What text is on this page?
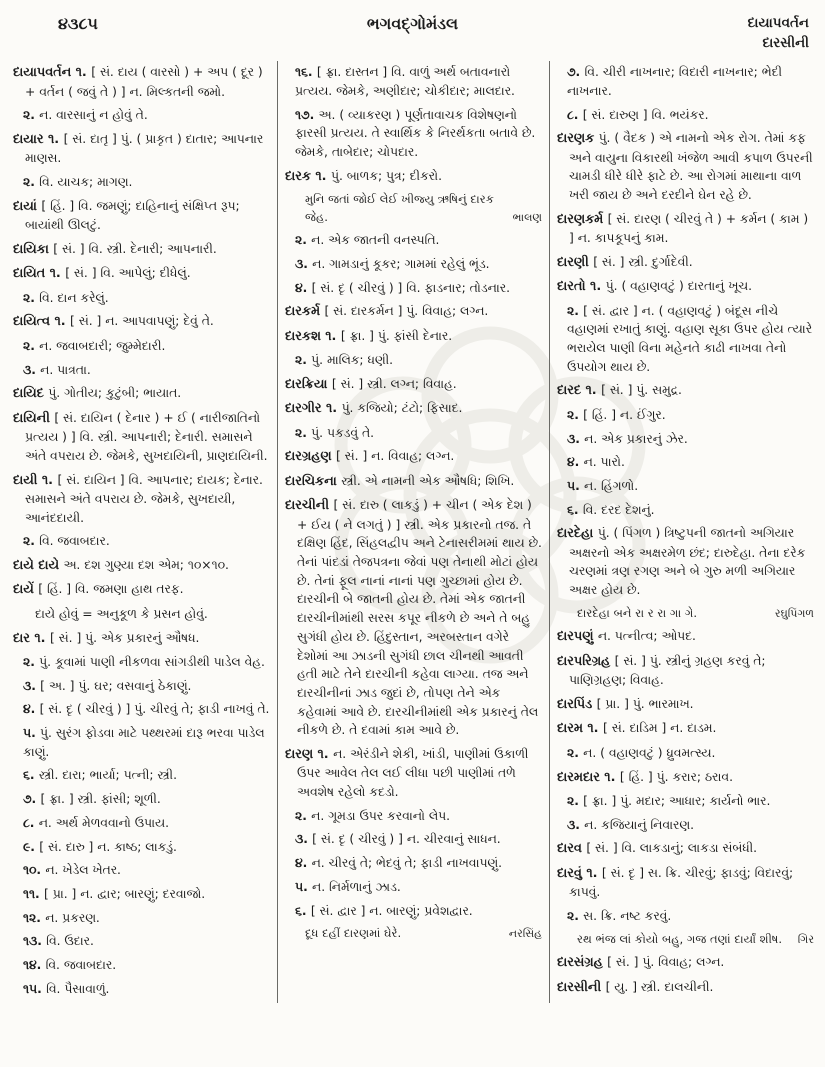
૪૩૮૫	ભગવદ્ગોમંડલ	દાયાપવર્તન
દારસીની

દાયાપવર્તન ૧. [ સં. દાય ( વારસો ) + અપ ( દૂર ) + વર્તન ( જવું તે ) ] ન. મિલ્કતની જમો.

૨. ન. વારસાનું ન હોવું તે.

દાયાર ૧. [ સં. દાતૃ ] પું. ( પ્રાકૃત ) દાતાર; આપનાર માણસ.

૨. વિ. યાચક; માગણ.

દાયાં [ હિં. ] વિ. જમણું; દાહિનાનું સંક્ષિપ્ત રૂપ; બાયાંથી ઊલટું.

દાયિકા [ સં. ] વિ. સ્ત્રી. દેનારી; આપનારી.

દાયિત ૧. [ સં. ] વિ. આપેલું; દીધેલું.

૨. વિ. દાન કરેલું.

દાયિત્વ ૧. [ સં. ] ન. આપવાપણું; દેવું તે.

૨. ન. જવાબદારી; જુમ્મેદારી.

૩. ન. પાત્રતા.

દાયિદ પું. ગોતીય; કુટુંબી; ભાયાત.

દાયિની [ સં. દાયિન ( દેનાર ) + ઈ ( નારીજાતિનો પ્રત્યય ) ] વિ. સ્ત્રી. આપનારી; દેનારી. સમાસને અંતે વપરાય છે. જેમકે, સુખદાયિની, પ્રાણદાયિની.

દાયી ૧. [ સં. દાયિન ] વિ. આપનાર; દાયક; દેનાર. સમાસને અંતે વપરાય છે. જેમકે, સુખદાયી, આનંદદાયી.

૨. વિ. જવાબદાર.

દાયે દાયે અ. દશ ગુણ્યા દશ એમ; ૧૦×૧૦.

દાયેં [ હિં. ] વિ. જમણા હાથ તરફ.

દાયે હોવું = અનુકૂળ કે પ્રસન હોવું.

દાર ૧. [ સં. ] પું. એક પ્રકારનું ઔષધ.

૨. પું. કૂવામાં પાણી નીકળવા સાંગડીથી પાડેલ વેહ.

૩. [ અ. ] પું. ઘર; વસવાનું ઠેકાણું.

૪. [ સં. દૃ ( ચીરવું ) ] પું. ચીરવું તે; ફાડી નાખવું તે.

૫. પું. સુરંગ ફોડવા માટે પથ્થરમાં દારૂ ભરવા પાડેલ કાણું.

૬. સ્ત્રી. દારા; ભાર્યા; પત્ની; સ્ત્રી.

૭. [ ફ્રા. ] સ્ત્રી. ફાંસી; શૂળી.

૮. ન. અર્થ મેળવવાનો ઉપાય.

૯. [ સં. દારુ ] ન. કાષ્ઠ; લાકડું.

૧૦. ન. ખેડેલ ખેતર.

૧૧. [ પ્રા. ] ન. દ્વાર; બારણું; દરવાજો.

૧૨. ન. પ્રકરણ.

૧૩. વિ. ઉદાર.

૧૪. વિ. જવાબદાર.

૧૫. વિ. પૈસાવાળું.

૧૬. [ ફ્રા. દાસ્તન ] વિ. વાળું અર્થ બતાવનારો પ્રત્યય. જેમકે, અણીદાર; ચોકીદાર; માલદાર.

૧૭. અ. ( વ્યાકરણ ) પૂર્ણતાવાચક વિશેષણનો ફારસી પ્રત્યય. તે સ્વાર્થિક કે નિરર્થકતા બતાવે છે. જેમકે, તાબેદાર; ચોપદાર.

દારક ૧. પું. બાળક; પુત્ર; દીકરો.

મુનિ જતાં જોઈ લેઈ ખીજ્યુ ઋષિનું દારક જેહ.	ભાલણ

૨. ન. એક જાતની વનસ્પતિ.

૩. ન. ગામડાનું કૂકર; ગામમાં રહેલું ભૂંડ.

૪. [ સં. દૃ ( ચીરવું ) ] વિ. ફાડનાર; તોડનાર.

દારકર્મ [ સં. દારકર્મન ] પું. વિવાહ; લગ્ન.

દારકશ ૧. [ ફ્રા. ] પું. ફાંસી દેનાર.

૨. પું. માલિક; ધણી.

દારક્રિયા [ સં. ] સ્ત્રી. લગ્ન; વિવાહ.

દારગીર ૧. પું. કજિયો; ટંટો; ફિસાદ.

૨. પું. પકડવું તે.

દારગ્રહણ [ સં. ] ન. વિવાહ; લગ્ન.

દારચિકના સ્ત્રી. એ નામની એક ઔષધિ; શિખિ.

દારચીની [ સં. દારુ ( લાકડું ) + ચીન ( એક દેશ ) + ઈય ( ને લગતું ) ] સ્ત્રી. એક પ્રકારનો તજ. તે દક્ષિણ હિંદ, સિંહલદ્વીપ અને ટેનાસરીમમાં થાય છે. તેનાં પાંદડાં તેજપત્રના જેવાં પણ તેનાથી મોટાં હોય છે. તેનાં ફૂલ નાનાં નાનાં પણ ગુચ્છામાં હોય છે. દારચીની બે જાતની હોય છે. તેમાં એક જાતની દારચીનીમાંથી સરસ કપૂર નીકળે છે અને તે બહુ સુગંધી હોય છે. હિંદુસ્તાન, અરબસ્તાન વગેરે દેશોમાં આ ઝાડની સુગંધી છાલ ચીનથી આવતી હતી માટે તેને દારચીની કહેવા લાગ્યા. તજ અને દારચીનીનાં ઝાડ જુદાં છે, તોપણ તેને એક કહેવામાં આવે છે. દારચીનીમાંથી એક પ્રકારનું તેલ નીકળે છે. તે દવામાં કામ આવે છે.

દારણ ૧. ન. એરંડીને શેકી, ખાંડી, પાણીમાં ઉકાળી ઉપર આવેલ તેલ લઈ લીધા પછી પાણીમાં તળે અવશેષ રહેલો કદડો.

૨. ન. ગૂમડા ઉપર કરવાનો લેપ.

૩. [ સં. દૃ ( ચીરવું ) ] ન. ચીરવાનું સાધન.

૪. ન. ચીરવું તે; ભેદવું તે; ફાડી નાખવાપણું.

૫. ન. નિર્મળાનું ઝાડ.

૬. [ સં. દ્વાર ] ન. બારણું; પ્રવેશદ્વાર.

દૂધ દહીં દારણમાં ઘેરે.	નરસિંહ

૭. વિ. ચીરી નાખનાર; વિદારી નાખનાર; ભેદી નાખનાર.

૮. [ સં. દારુણ ] વિ. ભયંકર.

દારણક પું. ( વૈદક ) એ નામનો એક રોગ. તેમાં કફ અને વાયુના વિકારથી ખંજેળ આવી કપાળ ઉપરની ચામડી ધીરે ધીરે ફાટે છે. આ રોગમાં માથાના વાળ ખરી જાય છે અને દરદીને ઘેન રહે છે.

દારણકર્મ [ સં. દારણ ( ચીરવું તે ) + કર્મન ( કામ ) ] ન. કાપકૂપનું કામ.

દારણી [ સં. ] સ્ત્રી. દુર્ગાદેવી.

દારતો ૧. પું. ( વહાણવટું ) દારતાનું ખૂચ.

૨. [ સં. દ્વાર ] ન. ( વહાણવટું ) બંદૂસ નીચે વહાણમાં રખાતું કાણું. વહાણ સૂકા ઉપર હોય ત્યારે ભરાયેલ પાણી વિના મહેનતે કાઢી નાખવા તેનો ઉપયોગ થાય છે.

દારદ ૧. [ સં. ] પું. સમુદ્ર.

૨. [ હિં. ] ન. ઈંગુર.

૩. ન. એક પ્રકારનું ઝેર.

૪. ન. પારો.

૫. ન. હિંગળો.

૬. વિ. દરદ દેશનું.

દારદેહા પું. ( પિંગળ ) ત્રિષ્ટુપની જાતનો અગિયાર અક્ષરનો એક અક્ષરમેળ છંદ; દારુદેહા. તેના દરેક ચરણમાં ત્રણ રગણ અને બે ગુરુ મળી અગિયાર અક્ષર હોય છે.

દારદેહા બને રા ર રા ગા ગે.	રઘુપિંગળ

દારપણું ન. પત્નીત્વ; ઓપદ.

દારપરિગ્રહ [ સં. ] પું. સ્ત્રીનું ગ્રહણ કરવું તે; પાણિગ્રહણ; વિવાહ.

દારપિંડ [ પ્રા. ] પું. ભારમાખ.

દારમ ૧. [ સં. દાડિમ ] ન. દાડમ.

૨. ન. ( વહાણવટું ) ધ્રુવમત્સ્ય.

દારમદાર ૧. [ હિં. ] પું. કરાર; ઠરાવ.

૨. [ ફ્રા. ] પું. મદાર; આધાર; કાર્યનો ભાર.

૩. ન. કજિયાનું નિવારણ.

દારવ [ સં. ] વિ. લાકડાનું; લાકડા સંબંધી.

દારવું ૧. [ સં. દૃ ] સ. ક્રિ. ચીરવું; ફાડવું; વિદારવું; કાપવું.

૨. સ. ક્રિ. નષ્ટ કરવું.

રથ ભંજ લાં કોયો બહુ, ગજ તણાં દાર્યાં શીષ. ગિર

દારસંગ્રહ [ સં. ] પું. વિવાહ; લગ્ન.

દારસીની [ યુ. ] સ્ત્રી. દાલચીની.
